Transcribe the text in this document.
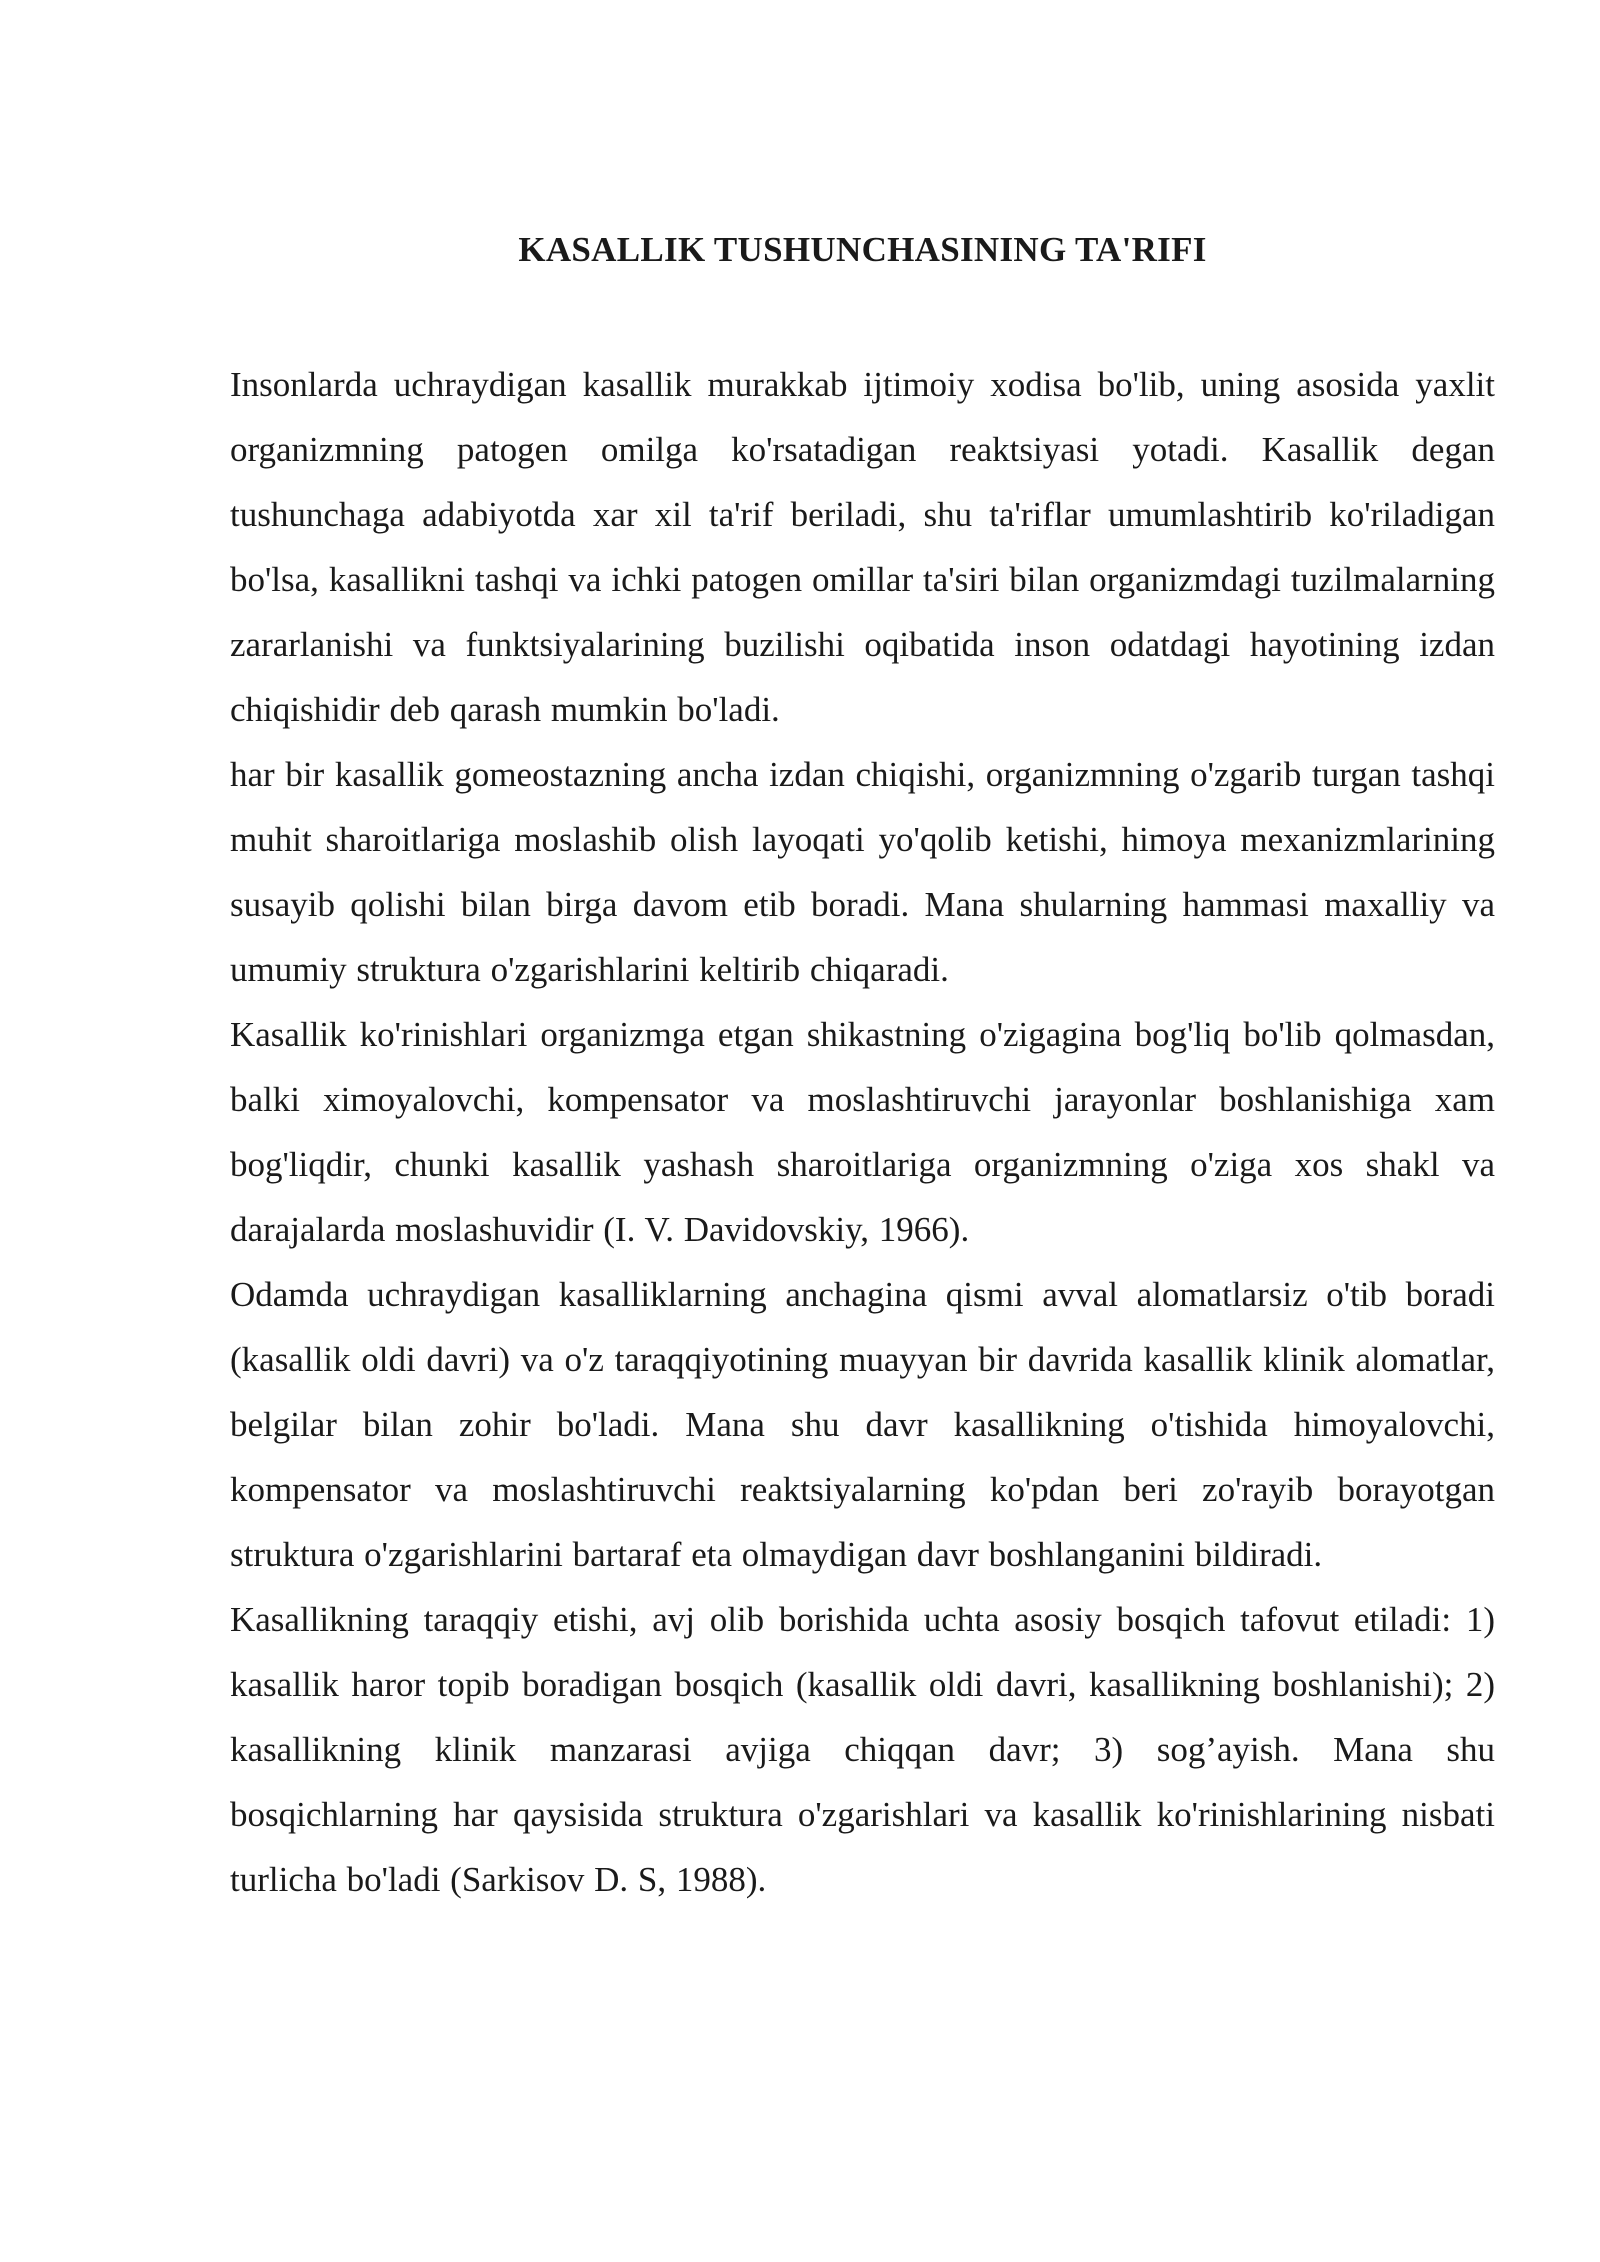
KASALLIK TUSHUNCHASINING TA'RIFI

Insonlarda uchraydigan kasallik murakkab ijtimoiy xodisa bo'lib, uning asosida yaxlit organizmning patogen omilga ko'rsatadigan reaktsiyasi yotadi. Kasallik degan tushunchaga adabiyotda xar xil ta'rif beriladi, shu ta'riflar umumlashtirib ko'riladigan bo'lsa, kasallikni tashqi va ichki patogen omillar ta'siri bilan organizmdagi tuzilmalarning zararlanishi va funktsiyalarining buzilishi oqibatida inson odatdagi hayotining izdan chiqishidir deb qarash mumkin bo'ladi.

har bir kasallik gomeostazning ancha izdan chiqishi, organizmning o'zgarib turgan tashqi muhit sharoitlariga moslashib olish layoqati yo'qolib ketishi, himoya mexanizmlarining susayib qolishi bilan birga davom etib boradi. Mana shularning hammasi maxalliy va umumiy struktura o'zgarishlarini keltirib chiqaradi.

Kasallik ko'rinishlari organizmga etgan shikastning o'zigagina bog'liq bo'lib qolmasdan, balki ximoyalovchi, kompensator va moslashtiruvchi jarayonlar boshlanishiga xam bog'liqdir, chunki kasallik yashash sharoitlariga organizmning o'ziga xos shakl va darajalarda moslashuvidir (I. V. Davidovskiy, 1966).

Odamda uchraydigan kasalliklarning anchagina qismi avval alomatlarsiz o'tib boradi (kasallik oldi davri) va o'z taraqqiyotining muayyan bir davrida kasallik klinik alomatlar, belgilar bilan zohir bo'ladi. Mana shu davr kasallikning o'tishida himoyalovchi, kompensator va moslashtiruvchi reaktsiyalarning ko'pdan beri zo'rayib borayotgan struktura o'zgarishlarini bartaraf eta olmaydigan davr boshlanganini bildiradi.

Kasallikning taraqqiy etishi, avj olib borishida uchta asosiy bosqich tafovut etiladi: 1) kasallik haror topib boradigan bosqich (kasallik oldi davri, kasallikning boshlanishi); 2) kasallikning klinik manzarasi avjiga chiqqan davr; 3) sog’ayish. Mana shu bosqichlarning har qaysisida struktura o'zgarishlari va kasallik ko'rinishlarining nisbati turlicha bo'ladi (Sarkisov D. S, 1988).
